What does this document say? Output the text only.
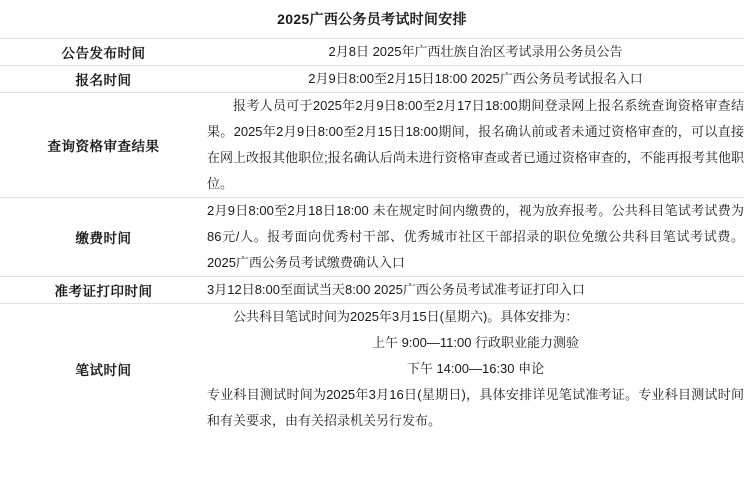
2025广西公务员考试时间安排
公告发布时间	2月8日 2025年广西壮族自治区考试录用公务员公告

报名时间	2月9日8:00至2月15日18:00 2025广西公务员考试报名入口

查询资格审查结果	报考人员可于2025年2月9日8:00至2月17日18:00期间登录网上报名系统查询资格审查结果。2025年2月9日8:00至2月15日18:00期间，报名确认前或者未通过资格审查的，可以直接在网上改报其他职位;报名确认后尚未进行资格审查或者已通过资格审查的，不能再报考其他职位。

缴费时间	2月9日8:00至2月18日18:00 未在规定时间内缴费的，视为放弃报考。公共科目笔试考试费为86元/人。报考面向优秀村干部、优秀城市社区干部招录的职位免缴公共科目笔试考试费。 2025广西公务员考试缴费确认入口

准考证打印时间	3月12日8:00至面试当天8:00 2025广西公务员考试准考证打印入口

笔试时间	公共科目笔试时间为2025年3月15日(星期六)。具体安排为：
上午 9:00—11:00 行政职业能力测验
下午 14:00—16:30 申论
专业科目测试时间为2025年3月16日(星期日)，具体安排详见笔试准考证。专业科目测试时间和有关要求，由有关招录机关另行发布。
